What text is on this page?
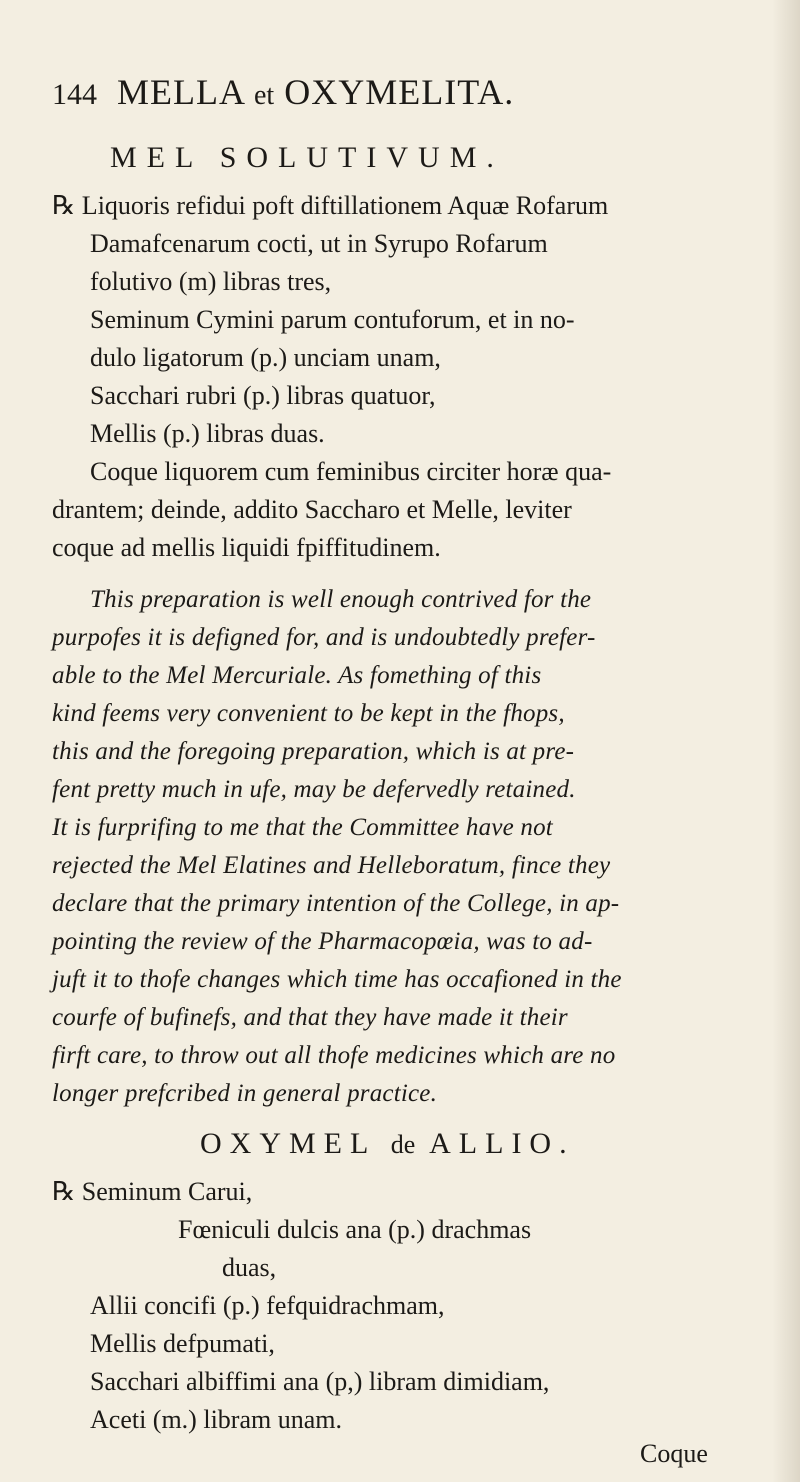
144 MELLA et OXYMELITA.
MEL SOLUTIVUM.
℞ Liquoris refidui poft diftillationem Aquæ Rofarum
Damafcenarum cocti, ut in Syrupo Rofarum
folutivo (m) libras tres,
Seminum Cymini parum contuforum, et in no-
dulo ligatorum (p.) unciam unam,
Sacchari rubri (p.) libras quatuor,
Mellis (p.) libras duas.
Coque liquorem cum feminibus circiter horæ qua-
drantem; deinde, addito Saccharo et Melle, leviter
coque ad mellis liquidi fpiffitudinem.
This preparation is well enough contrived for the
purpofes it is defigned for, and is undoubtedly prefer-
able to the Mel Mercuriale. As fomething of this
kind feems very convenient to be kept in the fhops,
this and the foregoing preparation, which is at pre-
fent pretty much in ufe, may be defervedly retained.
It is furprifing to me that the Committee have not
rejected the Mel Elatines and Helleboratum, fince they
declare that the primary intention of the College, in ap-
pointing the review of the Pharmacopœia, was to ad-
juft it to thofe changes which time has occafioned in the
courfe of bufinefs, and that they have made it their
firft care, to throw out all thofe medicines which are no
longer prefcribed in general practice.
OXYMEL de ALLIO.
℞ Seminum Carui,
Fœniculi dulcis ana (p.) drachmas
duas,
Allii concifi (p.) fefquidrachmam,
Mellis defpumati,
Sacchari albiffimi ana (p,) libram dimidiam,
Aceti (m.) libram unam.
Coque
